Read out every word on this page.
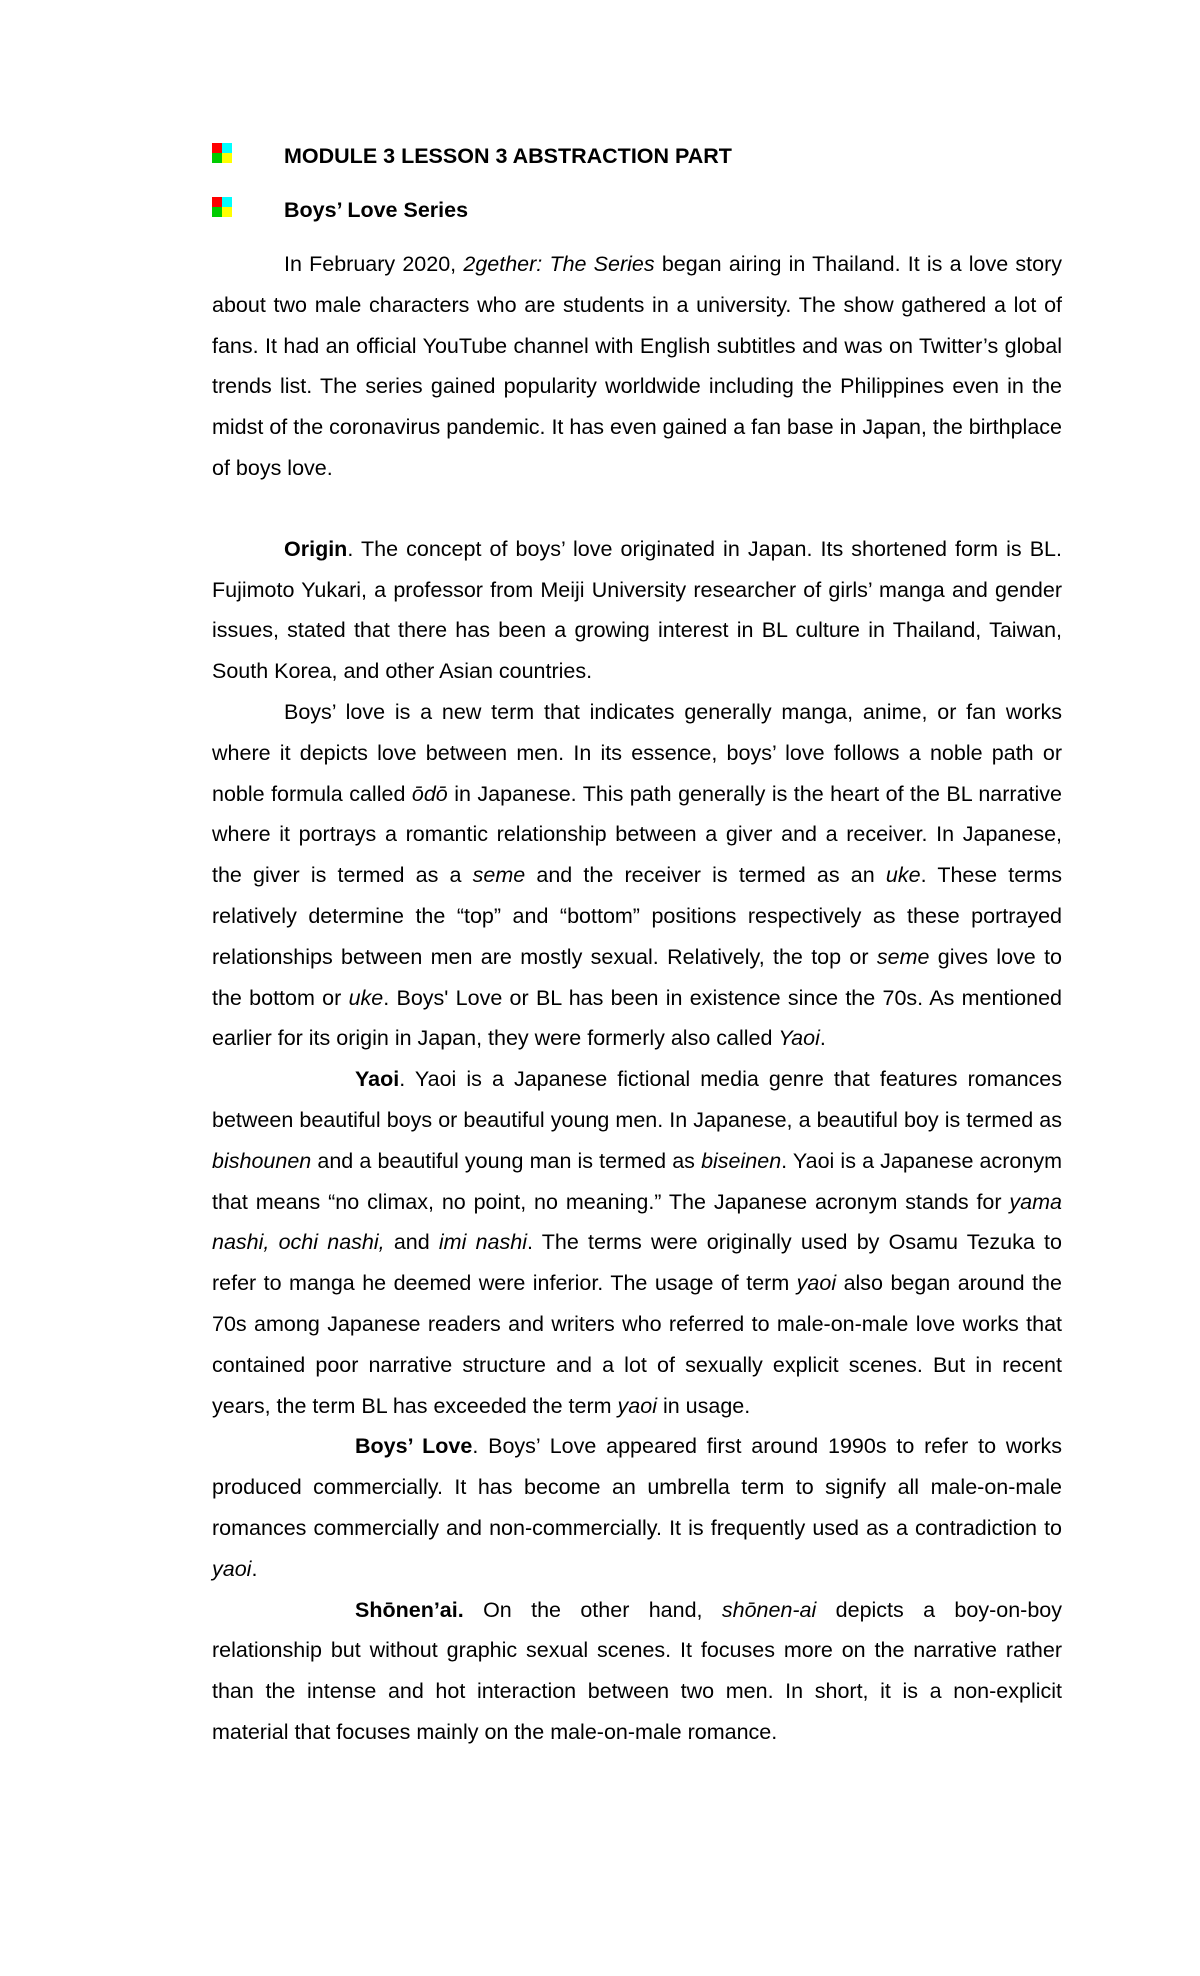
MODULE 3 LESSON 3 ABSTRACTION PART
Boys’ Love Series

In February 2020, 2gether: The Series began airing in Thailand. It is a love story about two male characters who are students in a university. The show gathered a lot of fans. It had an official YouTube channel with English subtitles and was on Twitter’s global trends list. The series gained popularity worldwide including the Philippines even in the midst of the coronavirus pandemic. It has even gained a fan base in Japan, the birthplace of boys love.

Origin. The concept of boys’ love originated in Japan. Its shortened form is BL. Fujimoto Yukari, a professor from Meiji University researcher of girls’ manga and gender issues, stated that there has been a growing interest in BL culture in Thailand, Taiwan, South Korea, and other Asian countries.

Boys’ love is a new term that indicates generally manga, anime, or fan works where it depicts love between men. In its essence, boys’ love follows a noble path or noble formula called ōdō in Japanese. This path generally is the heart of the BL narrative where it portrays a romantic relationship between a giver and a receiver. In Japanese, the giver is termed as a seme and the receiver is termed as an uke. These terms relatively determine the “top” and “bottom” positions respectively as these portrayed relationships between men are mostly sexual. Relatively, the top or seme gives love to the bottom or uke. Boys' Love or BL has been in existence since the 70s. As mentioned earlier for its origin in Japan, they were formerly also called Yaoi.

Yaoi. Yaoi is a Japanese fictional media genre that features romances between beautiful boys or beautiful young men. In Japanese, a beautiful boy is termed as bishounen and a beautiful young man is termed as biseinen. Yaoi is a Japanese acronym that means “no climax, no point, no meaning.” The Japanese acronym stands for yama nashi, ochi nashi, and imi nashi. The terms were originally used by Osamu Tezuka to refer to manga he deemed were inferior. The usage of term yaoi also began around the 70s among Japanese readers and writers who referred to male-on-male love works that contained poor narrative structure and a lot of sexually explicit scenes. But in recent years, the term BL has exceeded the term yaoi in usage.

Boys’ Love. Boys’ Love appeared first around 1990s to refer to works produced commercially. It has become an umbrella term to signify all male-on-male romances commercially and non-commercially. It is frequently used as a contradiction to yaoi.

Shōnen’ai. On the other hand, shōnen-ai depicts a boy-on-boy relationship but without graphic sexual scenes. It focuses more on the narrative rather than the intense and hot interaction between two men. In short, it is a non-explicit material that focuses mainly on the male-on-male romance.
